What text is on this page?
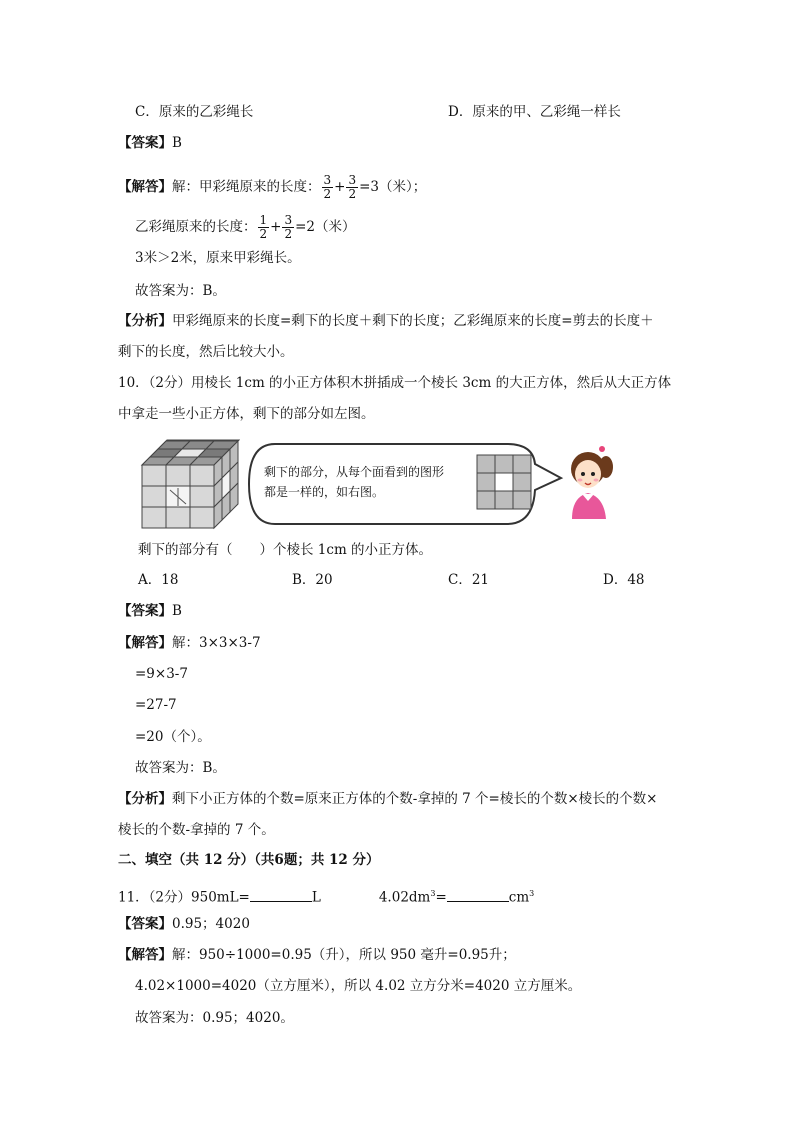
C．原来的乙彩绳长	D．原来的甲、乙彩绳一样长
【答案】B
【解答】解：甲彩绳原来的长度： $\frac{3}{2} + \frac{3}{2} =3$（米）；
乙彩绳原来的长度： $\frac{1}{2} + \frac{3}{2} =2$（米）
3米＞2米，原来甲彩绳长。
故答案为：B。
【分析】甲彩绳原来的长度=剩下的长度＋剩下的长度；乙彩绳原来的长度=剪去的长度＋
剩下的长度，然后比较大小。
10．（2分）用棱长 1cm 的小正方体积木拼插成一个棱长 3cm 的大正方体，然后从大正方体
中拿走一些小正方体，剩下的部分如左图。
剩下的部分，从每个面看到的图形
都是一样的，如右图。
剩下的部分有（　　）个棱长 1cm 的小正方体。
A．18	B．20	C．21	D．48
【答案】B
【解答】解：3×3×3-7
=9×3-7
=27-7
=20（个）。
故答案为：B。
【分析】剩下小正方体的个数=原来正方体的个数-拿掉的 7 个=棱长的个数×棱长的个数×
棱长的个数-拿掉的 7 个。
二、填空（共 12 分）（共6题；共 12 分）
11．（2分）950mL=	L	$4.02dm^3=$	$cm^3$
【答案】0.95；4020
【解答】解：950÷1000=0.95（升），所以 950 毫升=0.95升；
4.02×1000=4020（立方厘米），所以 4.02 立方分米=4020 立方厘米。
故答案为：0.95；4020。
